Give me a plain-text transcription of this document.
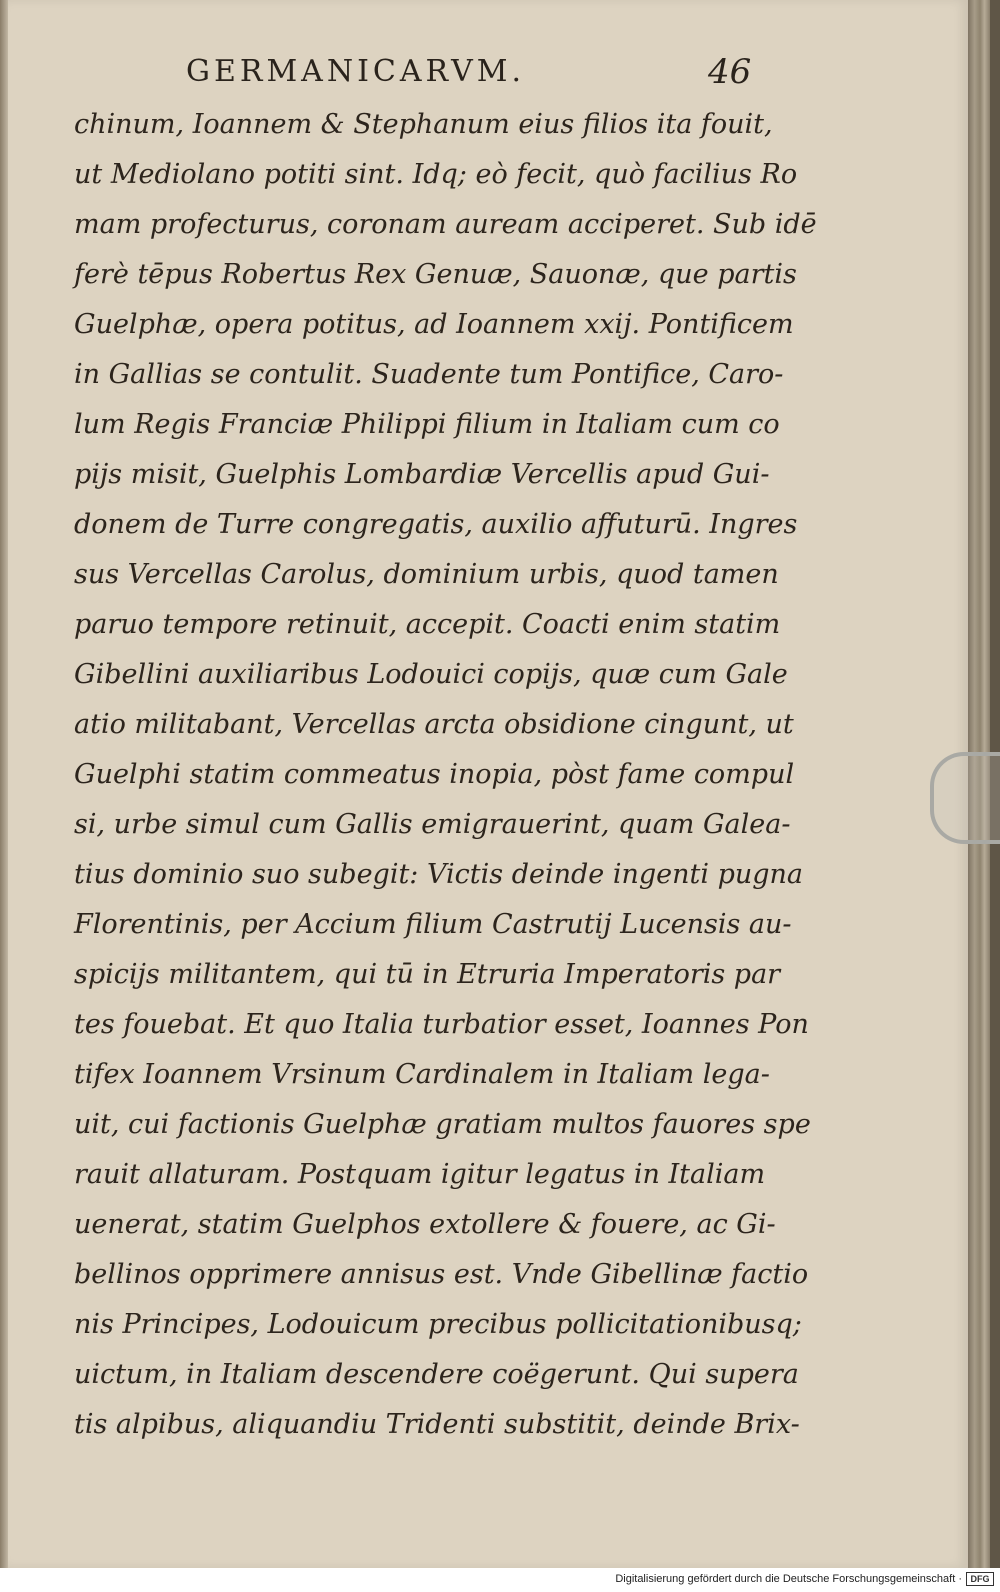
GERMANICARVM.	46
chinum, Ioannem & Stephanum eius filios ita fouit,
ut Mediolano potiti sint. Idq; eò fecit, quò facilius Ro
mam profecturus, coronam auream acciperet. Sub idē
ferè tēpus Robertus Rex Genuæ, Sauonæ, que partis
Guelphæ, opera potitus, ad Ioannem xxij. Pontificem
in Gallias se contulit. Suadente tum Pontifice, Caro-
lum Regis Franciæ Philippi filium in Italiam cum co
pijs misit, Guelphis Lombardiæ Vercellis apud Gui-
donem de Turre congregatis, auxilio affuturū. Ingres
sus Vercellas Carolus, dominium urbis, quod tamen
paruo tempore retinuit, accepit. Coacti enim statim
Gibellini auxiliaribus Lodouici copijs, quæ cum Gale
atio militabant, Vercellas arcta obsidione cingunt, ut
Guelphi statim commeatus inopia, pòst fame compul
si, urbe simul cum Gallis emigrauerint, quam Galea-
tius dominio suo subegit: Victis deinde ingenti pugna
Florentinis, per Accium filium Castrutij Lucensis au-
spicijs militantem, qui tū in Etruria Imperatoris par
tes fouebat. Et quo Italia turbatior esset, Ioannes Pon
tifex Ioannem Vrsinum Cardinalem in Italiam lega-
uit, cui factionis Guelphæ gratiam multos fauores spe
rauit allaturam. Postquam igitur legatus in Italiam
uenerat, statim Guelphos extollere & fouere, ac Gi-
bellinos opprimere annisus est. Vnde Gibellinæ factio
nis Principes, Lodouicum precibus pollicitationibusq;
uictum, in Italiam descendere coëgerunt. Qui supera
tis alpibus, aliquandiu Tridenti substitit, deinde Brix-
Digitalisierung gefördert durch die Deutsche Forschungsgemeinschaft · DFG
